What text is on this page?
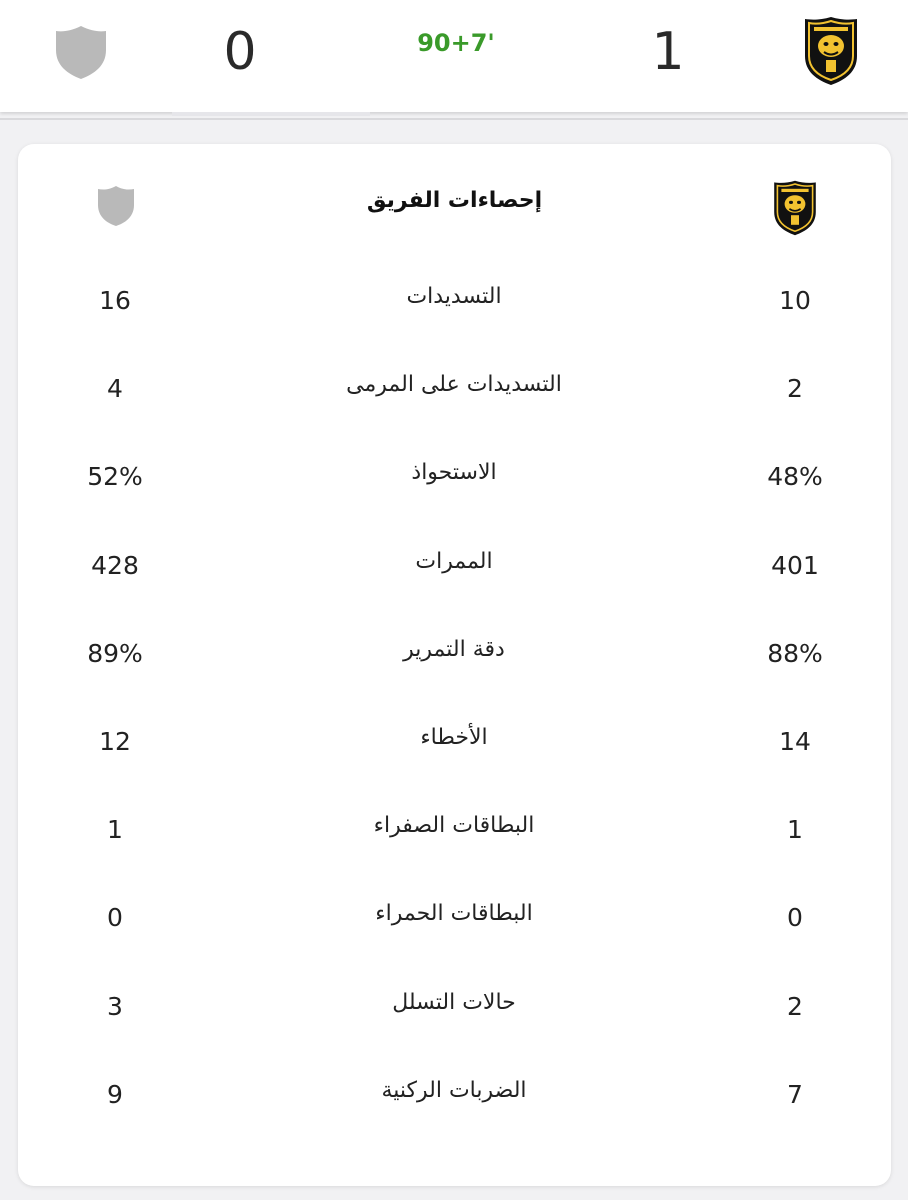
0	90+7'	1
إحصاءات الفريق
16	التسديدات	10
4	التسديدات على المرمى	2
52%	الاستحواذ	48%
428	الممرات	401
89%	دقة التمرير	88%
12	الأخطاء	14
1	البطاقات الصفراء	1
0	البطاقات الحمراء	0
3	حالات التسلل	2
9	الضربات الركنية	7
